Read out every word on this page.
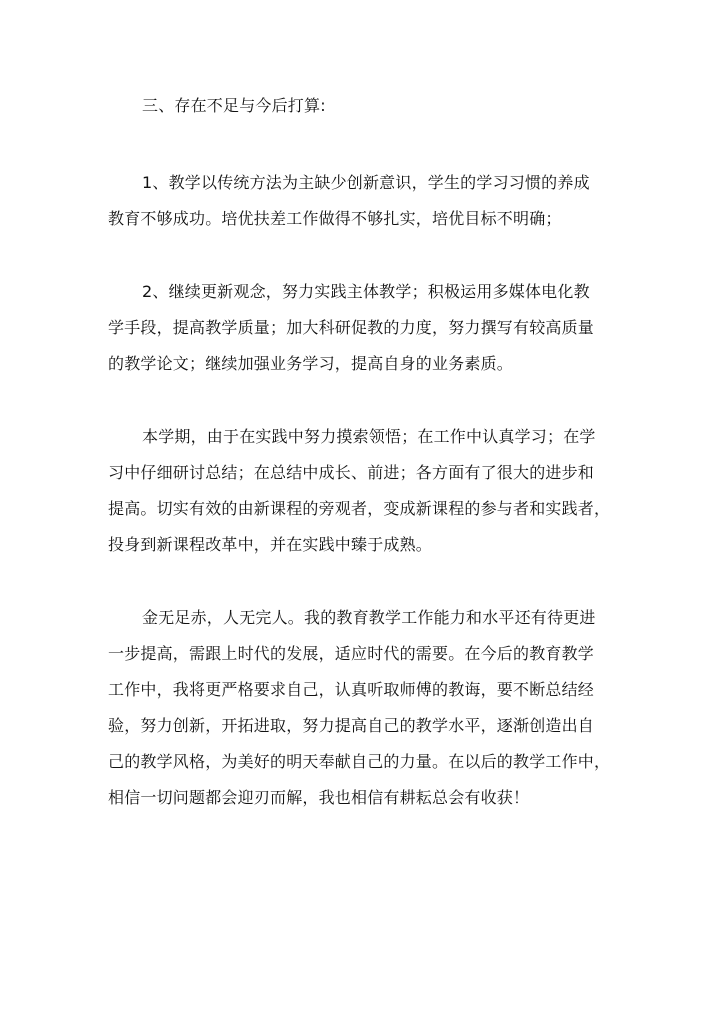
三、存在不足与今后打算:
1、教学以传统方法为主缺少创新意识，学生的学习习惯的养成
教育不够成功。培优扶差工作做得不够扎实，培优目标不明确；
2、继续更新观念，努力实践主体教学；积极运用多媒体电化教
学手段，提高教学质量；加大科研促教的力度，努力撰写有较高质量
的教学论文；继续加强业务学习，提高自身的业务素质。
本学期，由于在实践中努力摸索领悟；在工作中认真学习；在学
习中仔细研讨总结；在总结中成长、前进；各方面有了很大的进步和
提高。切实有效的由新课程的旁观者，变成新课程的参与者和实践者，
投身到新课程改革中，并在实践中臻于成熟。
金无足赤，人无完人。我的教育教学工作能力和水平还有待更进
一步提高，需跟上时代的发展，适应时代的需要。在今后的教育教学
工作中，我将更严格要求自己，认真听取师傅的教诲，要不断总结经
验，努力创新，开拓进取，努力提高自己的教学水平，逐渐创造出自
己的教学风格，为美好的明天奉献自己的力量。在以后的教学工作中，
相信一切问题都会迎刃而解，我也相信有耕耘总会有收获！
